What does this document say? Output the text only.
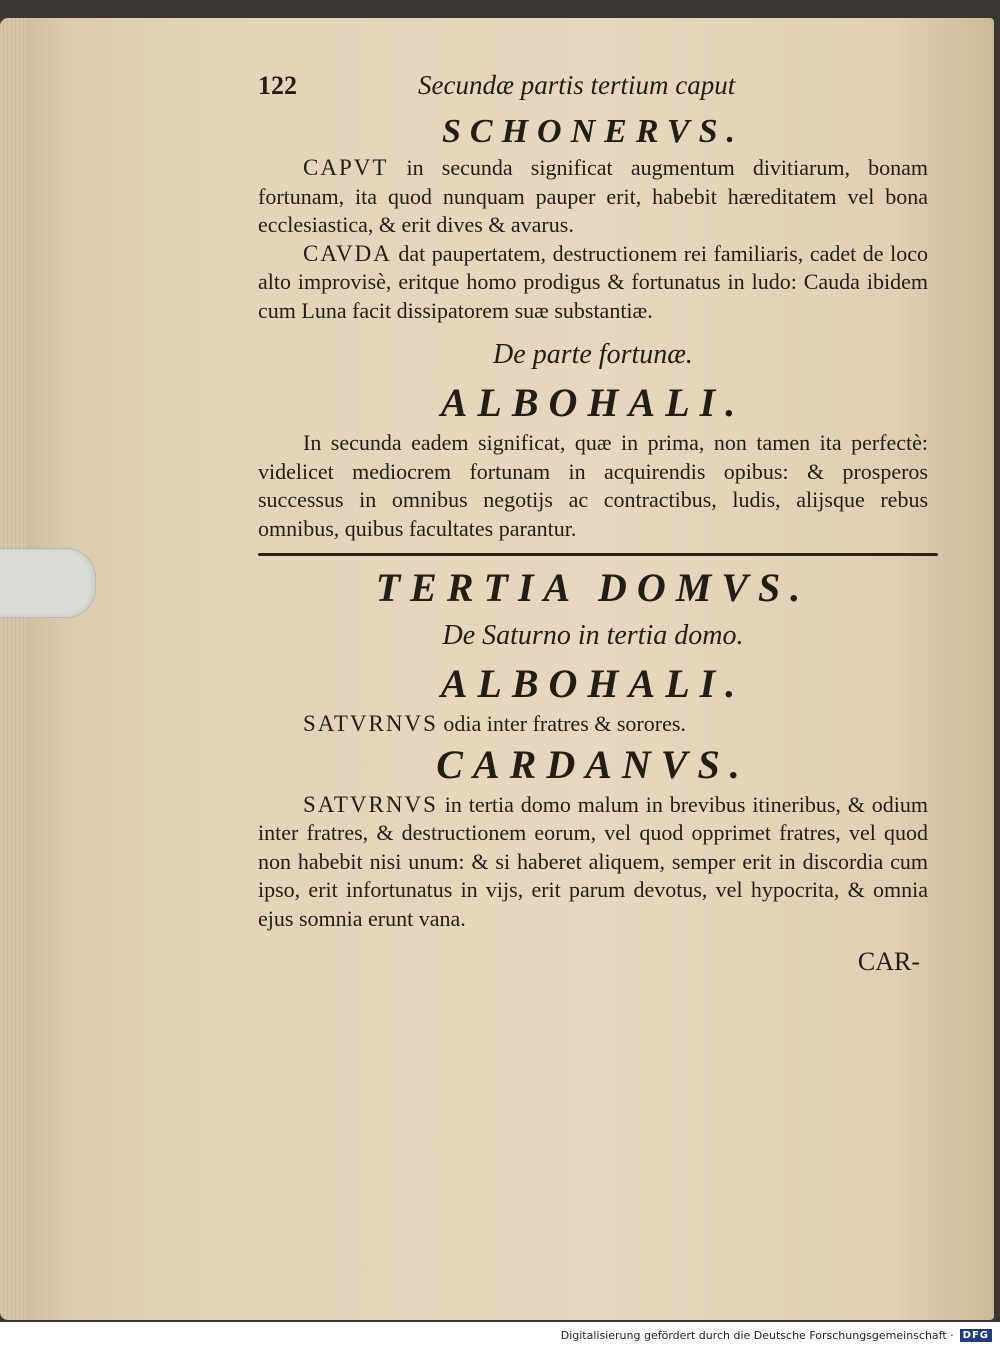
122	Secundæ partis tertium caput
SCHONERVS.

CAPVT in secunda significat augmentum divitiarum, bonam fortunam, ita quod nunquam pauper erit, habebit hæreditatem vel bona ecclesiastica, & erit dives & avarus.

CAVDA dat paupertatem, destructionem rei familiaris, cadet de loco alto improvisè, eritque homo prodigus & fortunatus in ludo: Cauda ibidem cum Luna facit dissipatorem suæ substantiæ.

De parte fortunæ.
ALBOHALI.

In secunda eadem significat, quæ in prima, non tamen ita perfectè: videlicet mediocrem fortunam in acquirendis opibus: & prosperos successus in omnibus negotijs ac contractibus, ludis, alijsque rebus omnibus, quibus facultates parantur.

TERTIA DOMVS.
De Saturno in tertia domo.
ALBOHALI.

SATVRNVS odia inter fratres & sorores.

CARDANVS.

SATVRNVS in tertia domo malum in brevibus itineribus, & odium inter fratres, & destructionem eorum, vel quod opprimet fratres, vel quod non habebit nisi unum: & si haberet aliquem, semper erit in discordia cum ipso, erit infortunatus in vijs, erit parum devotus, vel hypocrita, & omnia ejus somnia erunt vana.

CAR-
Digitalisierung gefördert durch die Deutsche Forschungsgemeinschaft · DFG
